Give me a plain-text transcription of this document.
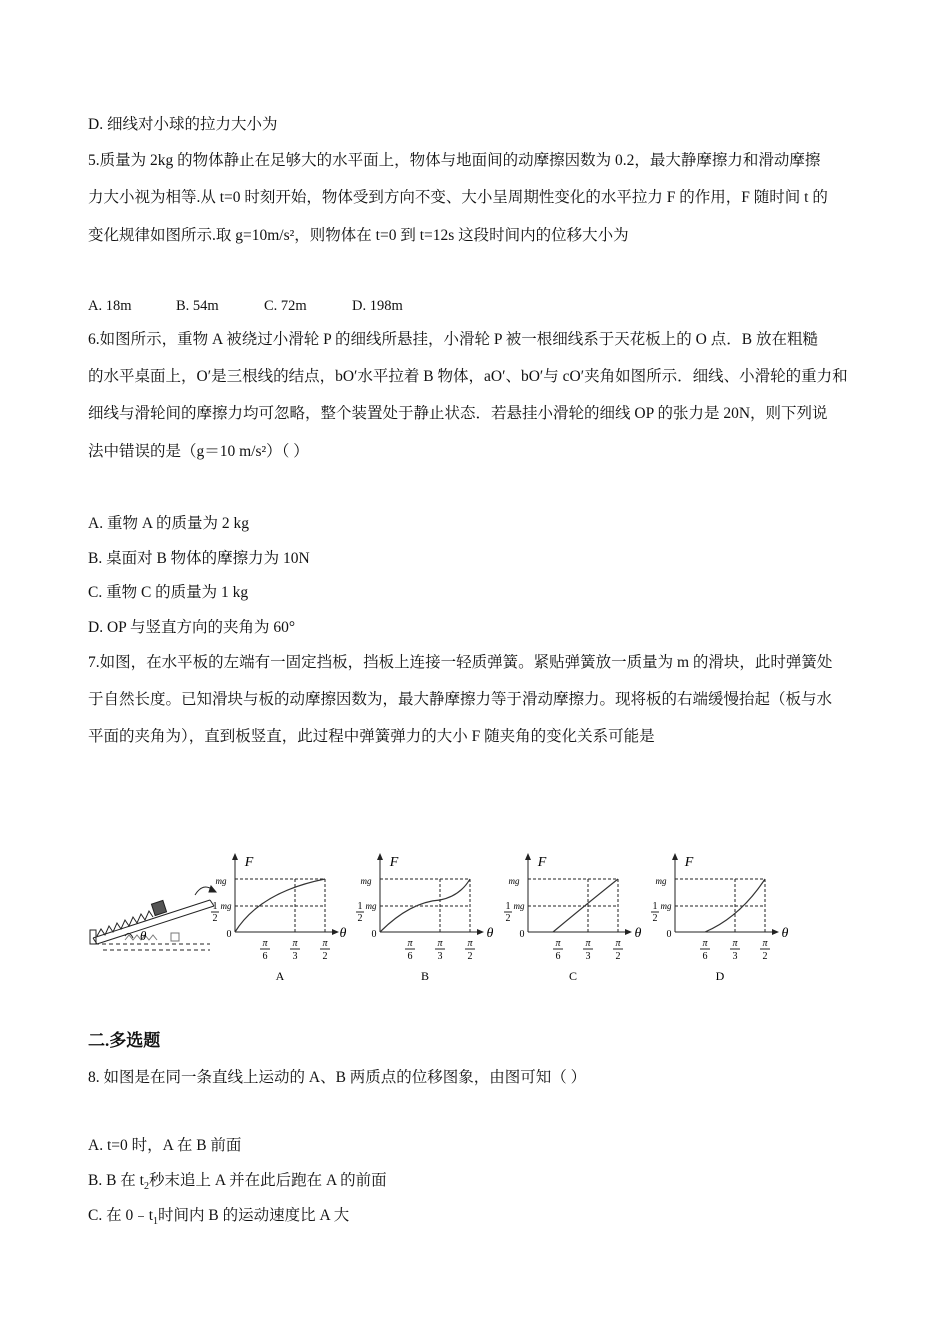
D. 细线对小球的拉力大小为
5.质量为 2kg 的物体静止在足够大的水平面上，物体与地面间的动摩擦因数为 0.2，最大静摩擦力和滑动摩擦
力大小视为相等.从 t=0 时刻开始，物体受到方向不变、大小呈周期性变化的水平拉力 F 的作用，F 随时间 t 的
变化规律如图所示.取 g=10m/s²，则物体在 t=0 到 t=12s 这段时间内的位移大小为
A. 18m	B. 54m	C. 72m	D. 198m
6.如图所示，重物 A 被绕过小滑轮 P 的细线所悬挂，小滑轮 P 被一根细线系于天花板上的 O 点．B 放在粗糙
的水平桌面上，O′是三根线的结点，bO′水平拉着 B 物体，aO′、bO′与 cO′夹角如图所示．细线、小滑轮的重力和
细线与滑轮间的摩擦力均可忽略，整个装置处于静止状态．若悬挂小滑轮的细线 OP 的张力是 20N，则下列说
法中错误的是（g＝10 m/s²）（ ）
A. 重物 A 的质量为 2 kg
B. 桌面对 B 物体的摩擦力为 10N
C. 重物 C 的质量为 1 kg
D. OP 与竖直方向的夹角为 60°
7.如图，在水平板的左端有一固定挡板，挡板上连接一轻质弹簧。紧贴弹簧放一质量为 m 的滑块，此时弹簧处
于自然长度。已知滑块与板的动摩擦因数为，最大静摩擦力等于滑动摩擦力。现将板的右端缓慢抬起（板与水
平面的夹角为），直到板竖直，此过程中弹簧弹力的大小 F 随夹角的变化关系可能是
θ
F
θ
mg
1
2
mg
0
π
6
π
3
π
2
A
F
θ
mg
1
2
mg
0
π
6
π
3
π
2
B
F
θ
mg
1
2
mg
0
π
6
π
3
π
2
C
F
θ
mg
1
2
mg
0
π
6
π
3
π
2
D
二.多选题
8. 如图是在同一条直线上运动的 A、B 两质点的位移图象，由图可知（ ）
A. t=0 时，A 在 B 前面
B. B 在 $t_2$秒末追上 A 并在此后跑在 A 的前面
C. 在 $0﹣t_1$时间内 B 的运动速度比 A 大
